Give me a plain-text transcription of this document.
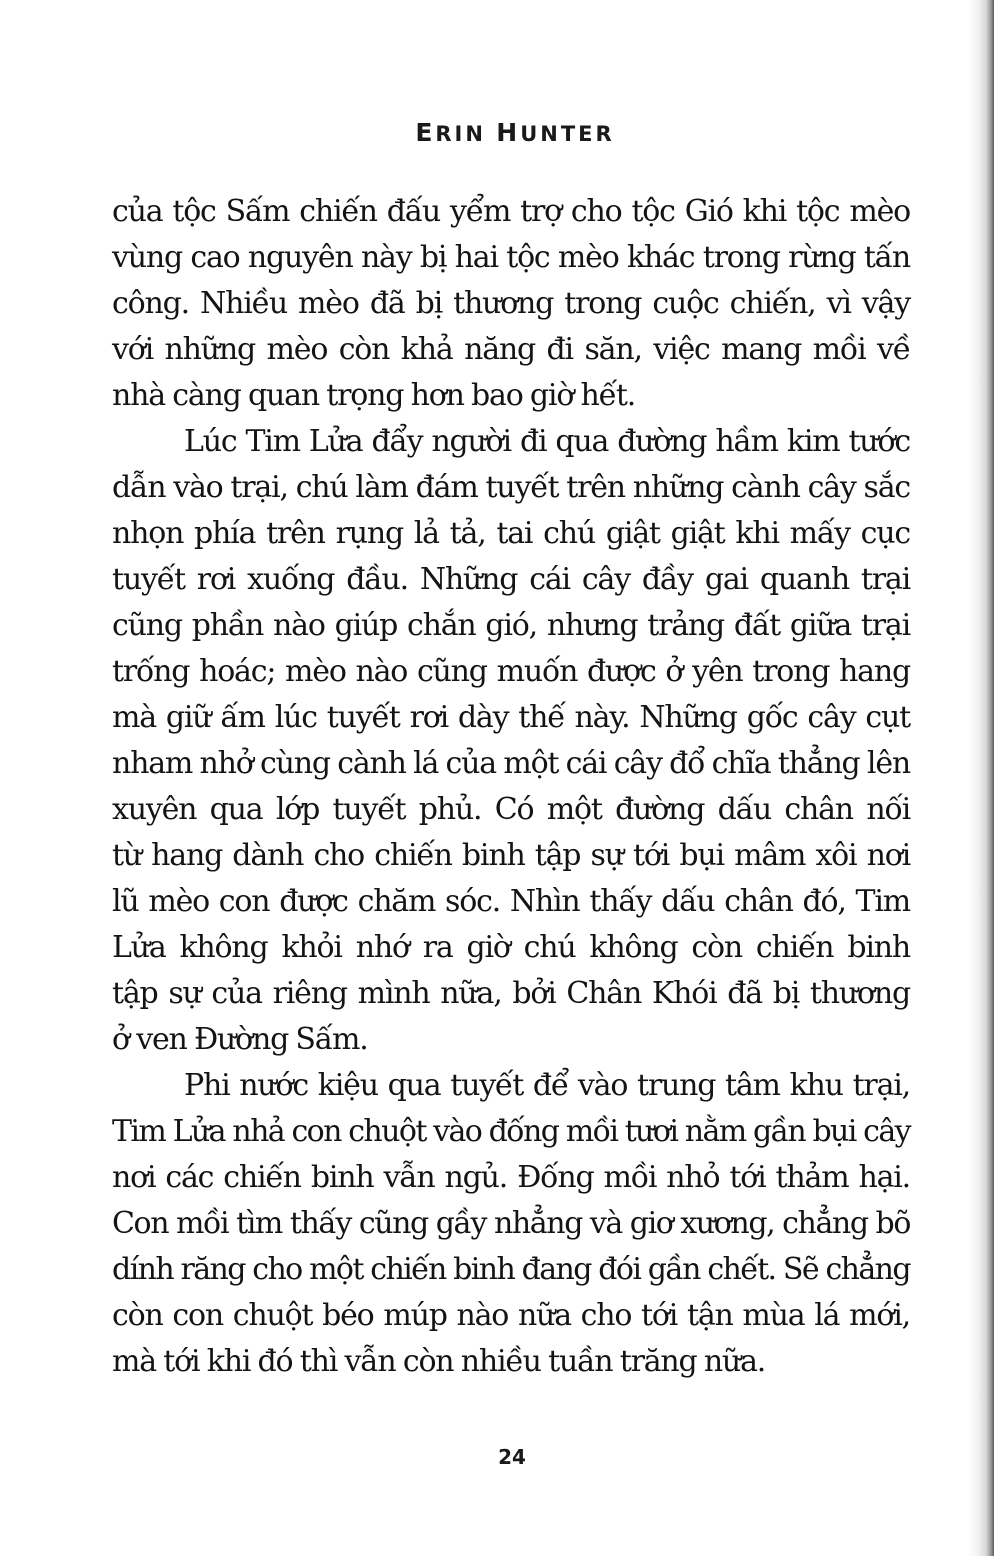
ERIN HUNTER
của tộc Sấm chiến đấu yểm trợ cho tộc Gió khi tộc mèo
vùng cao nguyên này bị hai tộc mèo khác trong rừng tấn
công. Nhiều mèo đã bị thương trong cuộc chiến, vì vậy
với những mèo còn khả năng đi săn, việc mang mồi về
nhà càng quan trọng hơn bao giờ hết.
Lúc Tim Lửa đẩy người đi qua đường hầm kim tước
dẫn vào trại, chú làm đám tuyết trên những cành cây sắc
nhọn phía trên rụng lả tả, tai chú giật giật khi mấy cục
tuyết rơi xuống đầu. Những cái cây đầy gai quanh trại
cũng phần nào giúp chắn gió, nhưng trảng đất giữa trại
trống hoác; mèo nào cũng muốn được ở yên trong hang
mà giữ ấm lúc tuyết rơi dày thế này. Những gốc cây cụt
nham nhở cùng cành lá của một cái cây đổ chĩa thẳng lên
xuyên qua lớp tuyết phủ. Có một đường dấu chân nối
từ hang dành cho chiến binh tập sự tới bụi mâm xôi nơi
lũ mèo con được chăm sóc. Nhìn thấy dấu chân đó, Tim
Lửa không khỏi nhớ ra giờ chú không còn chiến binh
tập sự của riêng mình nữa, bởi Chân Khói đã bị thương
ở ven Đường Sấm.
Phi nước kiệu qua tuyết để vào trung tâm khu trại,
Tim Lửa nhả con chuột vào đống mồi tươi nằm gần bụi cây
nơi các chiến binh vẫn ngủ. Đống mồi nhỏ tới thảm hại.
Con mồi tìm thấy cũng gầy nhẳng và giơ xương, chẳng bõ
dính răng cho một chiến binh đang đói gần chết. Sẽ chẳng
còn con chuột béo múp nào nữa cho tới tận mùa lá mới,
mà tới khi đó thì vẫn còn nhiều tuần trăng nữa.
24
